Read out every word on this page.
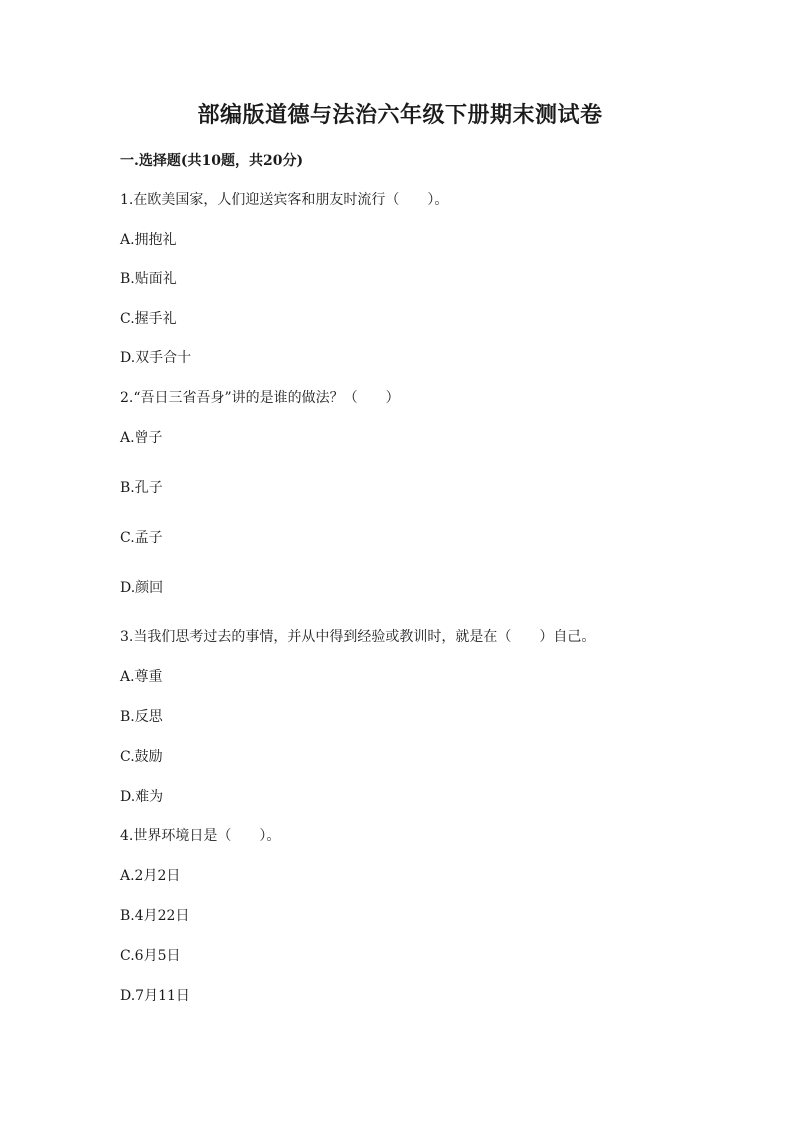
部编版道德与法治六年级下册期末测试卷
一.选择题(共10题，共20分)
1.在欧美国家，人们迎送宾客和朋友时流行（　　）。
A.拥抱礼
B.贴面礼
C.握手礼
D.双手合十
2.“吾日三省吾身”讲的是谁的做法？（　　）
A.曾子
B.孔子
C.孟子
D.颜回
3.当我们思考过去的事情，并从中得到经验或教训时，就是在（　　）自己。
A.尊重
B.反思
C.鼓励
D.难为
4.世界环境日是（　　）。
A.2月2日
B.4月22日
C.6月5日
D.7月11日
